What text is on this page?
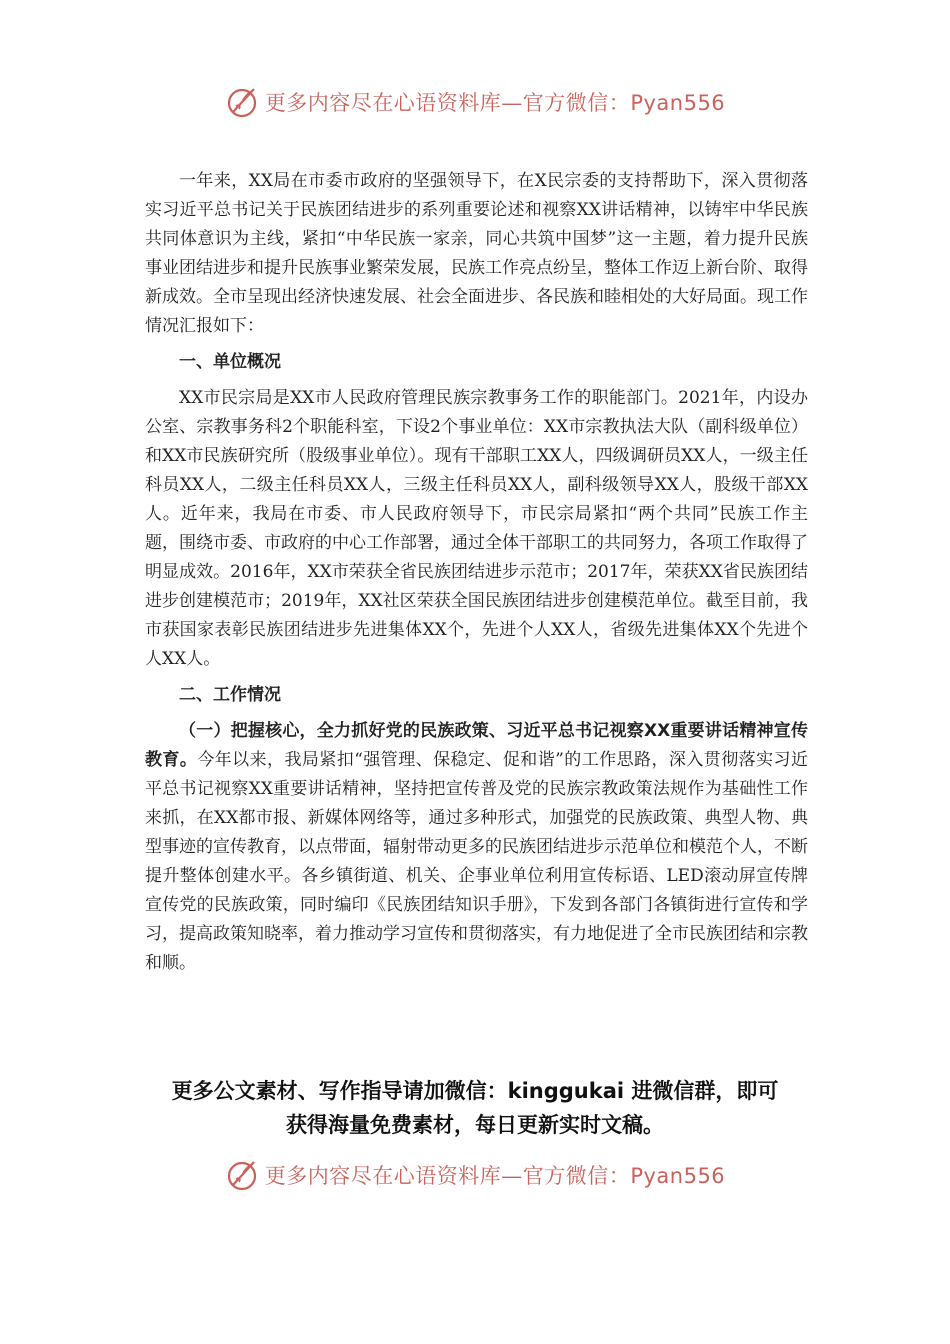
更多内容尽在心语资料库—官方微信：Pyan556

一年来，XX局在市委市政府的坚强领导下，在X民宗委的支持帮助下，深入贯彻落实习近平总书记关于民族团结进步的系列重要论述和视察XX讲话精神，以铸牢中华民族共同体意识为主线，紧扣“中华民族一家亲，同心共筑中国梦”这一主题，着力提升民族事业团结进步和提升民族事业繁荣发展，民族工作亮点纷呈，整体工作迈上新台阶、取得新成效。全市呈现出经济快速发展、社会全面进步、各民族和睦相处的大好局面。现工作情况汇报如下：

一、单位概况

XX市民宗局是XX市人民政府管理民族宗教事务工作的职能部门。2021年，内设办公室、宗教事务科2个职能科室，下设2个事业单位：XX市宗教执法大队（副科级单位）和XX市民族研究所（股级事业单位）。现有干部职工XX人，四级调研员XX人，一级主任科员XX人，二级主任科员XX人，三级主任科员XX人，副科级领导XX人，股级干部XX人。近年来，我局在市委、市人民政府领导下，市民宗局紧扣“两个共同”民族工作主题，围绕市委、市政府的中心工作部署，通过全体干部职工的共同努力，各项工作取得了明显成效。2016年，XX市荣获全省民族团结进步示范市；2017年，荣获XX省民族团结进步创建模范市；2019年，XX社区荣获全国民族团结进步创建模范单位。截至目前，我市获国家表彰民族团结进步先进集体XX个，先进个人XX人，省级先进集体XX个先进个人XX人。

二、工作情况

（一）把握核心，全力抓好党的民族政策、习近平总书记视察XX重要讲话精神宣传教育。今年以来，我局紧扣“强管理、保稳定、促和谐”的工作思路，深入贯彻落实习近平总书记视察XX重要讲话精神，坚持把宣传普及党的民族宗教政策法规作为基础性工作来抓，在XX都市报、新媒体网络等，通过多种形式，加强党的民族政策、典型人物、典型事迹的宣传教育，以点带面，辐射带动更多的民族团结进步示范单位和模范个人，不断提升整体创建水平。各乡镇街道、机关、企事业单位利用宣传标语、LED滚动屏宣传牌宣传党的民族政策，同时编印《民族团结知识手册》，下发到各部门各镇街进行宣传和学习，提高政策知晓率，着力推动学习宣传和贯彻落实，有力地促进了全市民族团结和宗教和顺。

更多公文素材、写作指导请加微信：kinggukai 进微信群，即可
获得海量免费素材，每日更新实时文稿。
更多内容尽在心语资料库—官方微信：Pyan556
